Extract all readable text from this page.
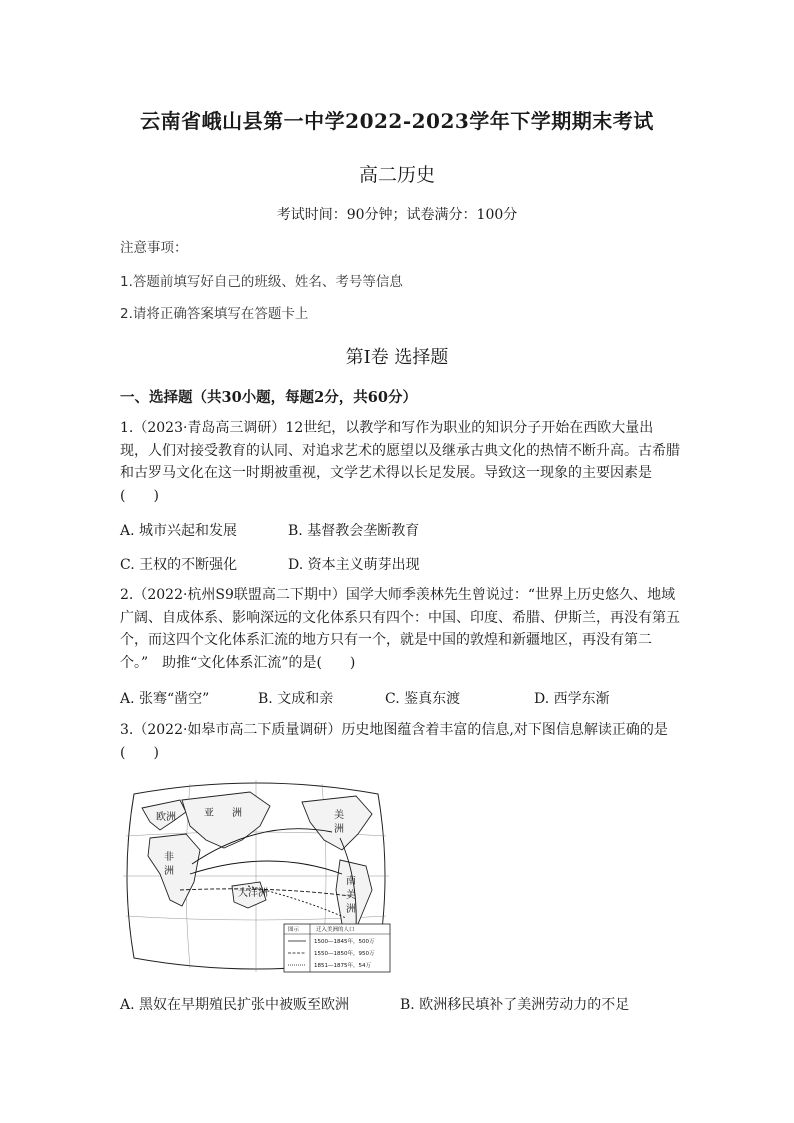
云南省峨山县第一中学2022-2023学年下学期期末考试
高二历史
考试时间：90分钟；试卷满分：100分
注意事项：
1.答题前填写好自己的班级、姓名、考号等信息
2.请将正确答案填写在答题卡上
第Ⅰ卷 选择题
一、选择题（共30小题，每题2分，共60分）
1.（2023·青岛高三调研）12世纪，以教学和写作为职业的知识分子开始在西欧大量出现，人们对接受教育的认同、对追求艺术的愿望以及继承古典文化的热情不断升高。古希腊和古罗马文化在这一时期被重视，文学艺术得以长足发展。导致这一现象的主要因素是(　　)
A. 城市兴起和发展	B. 基督教会垄断教育
C. 王权的不断强化	D. 资本主义萌芽出现
2.（2022·杭州S9联盟高二下期中）国学大师季羡林先生曾说过：“世界上历史悠久、地域广阔、自成体系、影响深远的文化体系只有四个：中国、印度、希腊、伊斯兰，再没有第五个，而这四个文化体系汇流的地方只有一个，就是中国的敦煌和新疆地区，再没有第二个。”　助推“文化体系汇流”的是(　　)
A. 张骞“凿空”	B. 文成和亲	C. 鉴真东渡	D. 西学东渐
3.（2022·如皋市高二下质量调研）历史地图蕴含着丰富的信息,对下图信息解读正确的是(　　)
欧洲	亚 洲	美
洲
非
洲
南
美
洲
大 洋 洲
图示	迁入美洲的人口
1500—1845年，500万
1550—1850年，950万
1851—1875年，54万
A. 黑奴在早期殖民扩张中被贩至欧洲	B. 欧洲移民填补了美洲劳动力的不足
